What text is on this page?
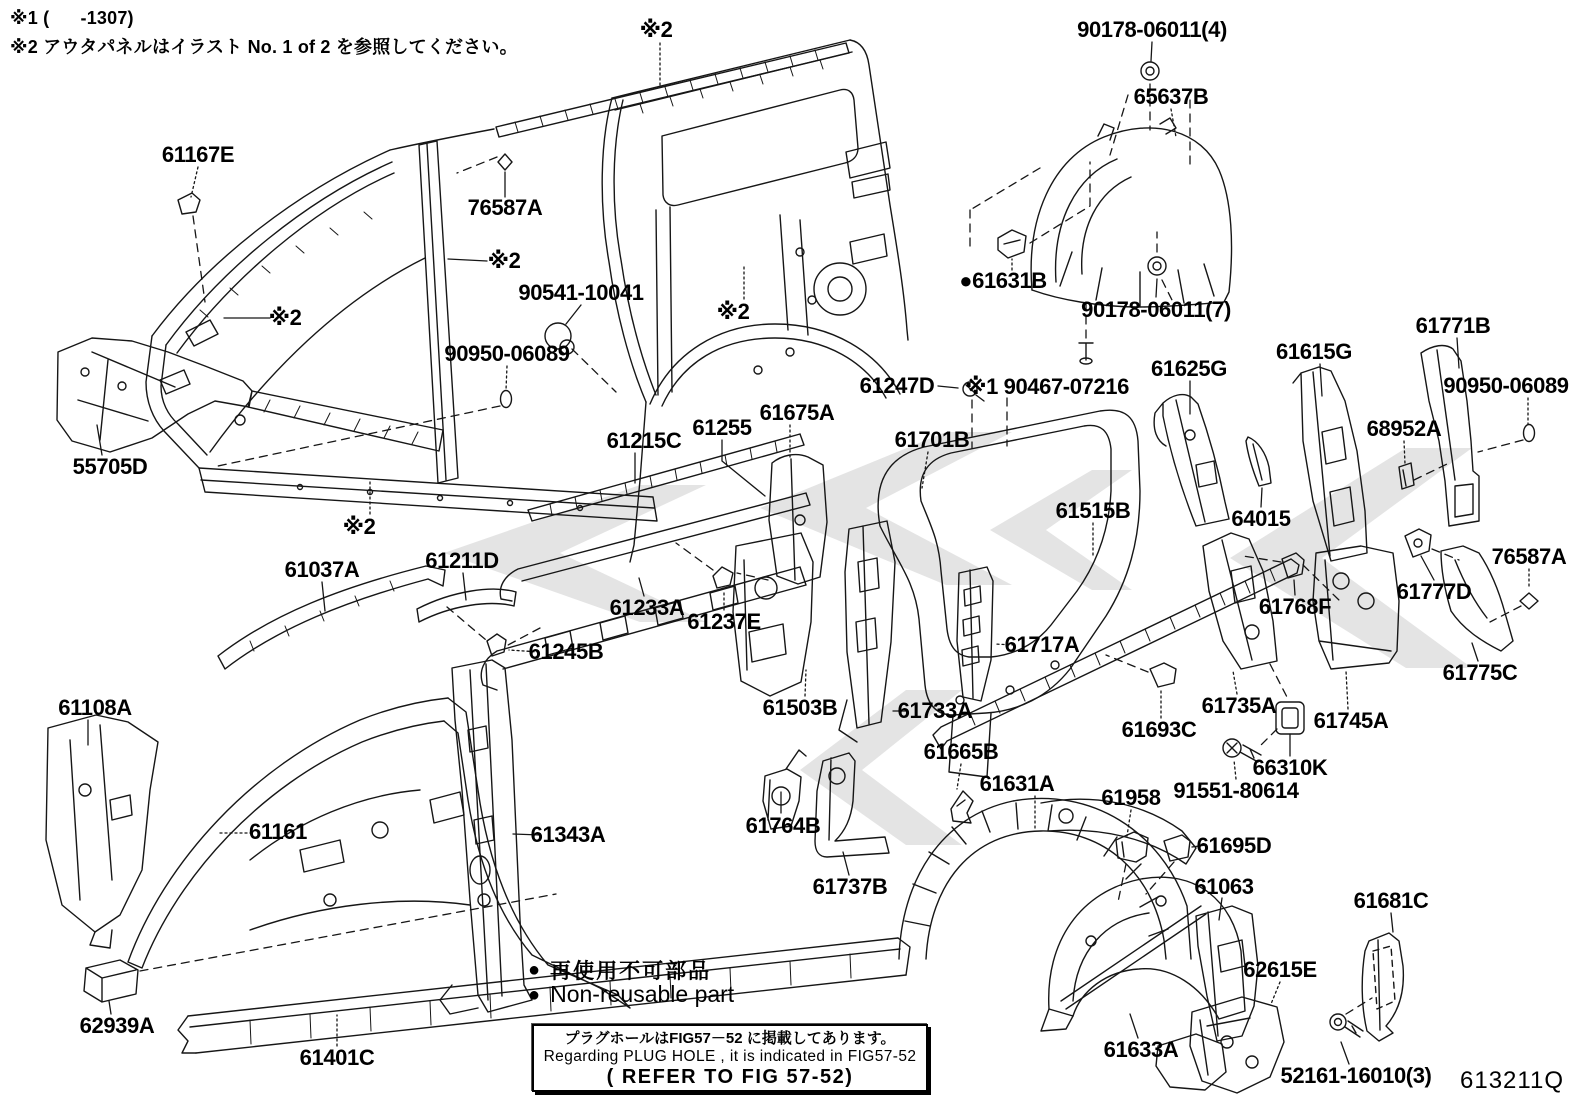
※1 (      -1307)
※2 アウタパネルはイラスト No. 1 of 2 を参照してください。
● 再使用不可部品
● Non-reusable part
プラグホールはFIG57－52 に掲載してあります。
Regarding PLUG HOLE , it is indicated in FIG57-52
( REFER TO FIG 57-52)
61167E
76587A
※2
※2
※2
※2
※2
90541-10041
90950-06089
55705D
61215C
61255
61675A
61247D ※1 90467-07216
61701B
61625G
61615G
61771B
90950-06089
68952A
61515B	64015
61768F
76587A
61777D
61775C
61745A
61735A
61693C
66310K
91551-80614
61958
61695D
61063
61681C
62615E
61633A
52161-16010(3)
61108A
61161	61343A
62939A
61401C
61037A	61211D
61233A
61245B
61237E
61503B	61733A
61717A
61764B
61737B
61665B
61631A
●61631B
90178-06011(4)
65637B
90178-06011(7)
613211Q
